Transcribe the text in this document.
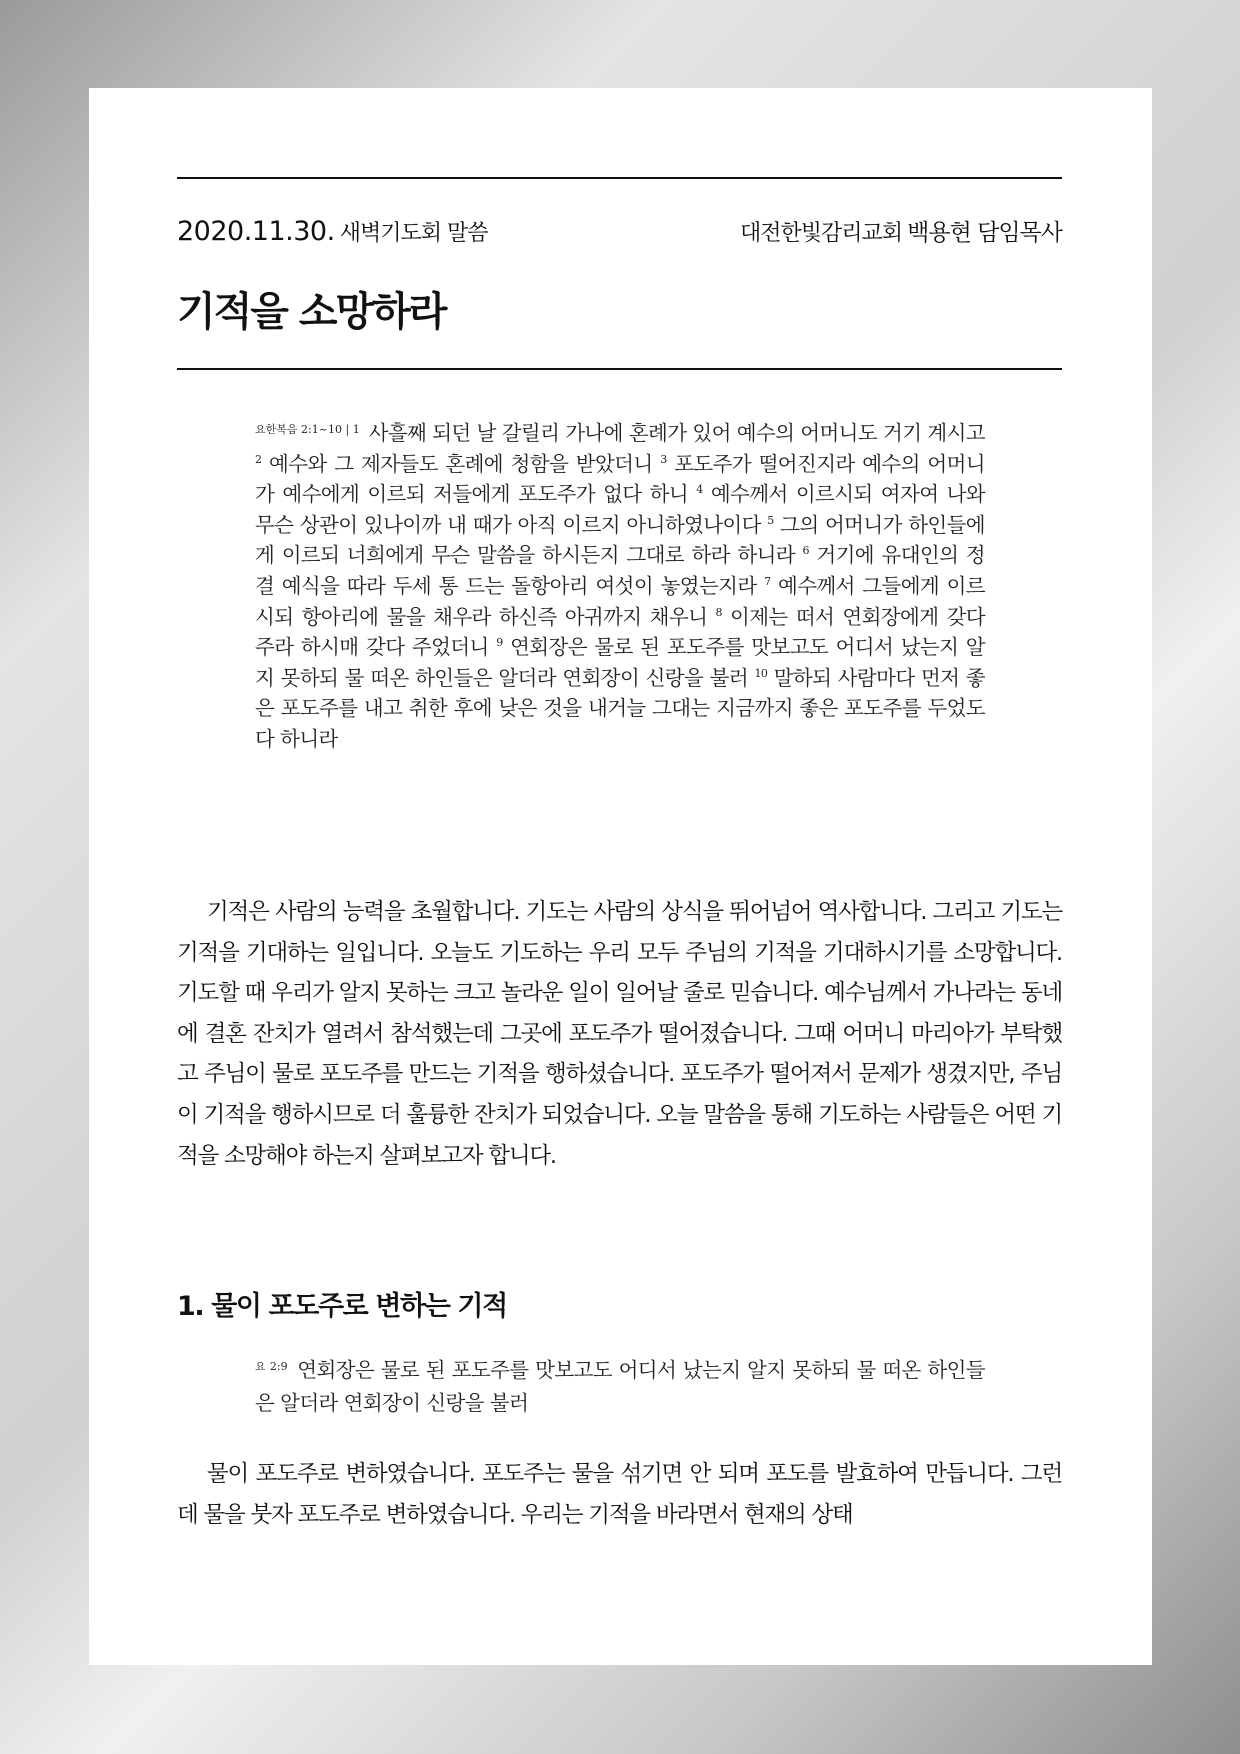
2020.11.30. 새벽기도회 말씀	대전한빛감리교회 백용현 담임목사
기적을 소망하라

$^{요한복음 2:1\sim 10 | 1}$ 사흘째 되던 날 갈릴리 가나에 혼례가 있어 예수의 어머니도 거기 계시고 $^2$ 예수와 그 제자들도 혼례에 청함을 받았더니 $^3$ 포도주가 떨어진지라 예수의 어머니가 예수에게 이르되 저들에게 포도주가 없다 하니 $^4$ 예수께서 이르시되 여자여 나와 무슨 상관이 있나이까 내 때가 아직 이르지 아니하였나이다 $^5$ 그의 어머니가 하인들에게 이르되 너희에게 무슨 말씀을 하시든지 그대로 하라 하니라 $^6$ 거기에 유대인의 정결 예식을 따라 두세 통 드는 돌항아리 여섯이 놓였는지라 $^7$ 예수께서 그들에게 이르시되 항아리에 물을 채우라 하신즉 아귀까지 채우니 $^8$ 이제는 떠서 연회장에게 갖다 주라 하시매 갖다 주었더니 $^9$ 연회장은 물로 된 포도주를 맛보고도 어디서 났는지 알지 못하되 물 떠온 하인들은 알더라 연회장이 신랑을 불러 $^{10}$ 말하되 사람마다 먼저 좋은 포도주를 내고 취한 후에 낮은 것을 내거늘 그대는 지금까지 좋은 포도주를 두었도다 하니라

기적은 사람의 능력을 초월합니다. 기도는 사람의 상식을 뛰어넘어 역사합니다. 그리고 기도는 기적을 기대하는 일입니다. 오늘도 기도하는 우리 모두 주님의 기적을 기대하시기를 소망합니다. 기도할 때 우리가 알지 못하는 크고 놀라운 일이 일어날 줄로 믿습니다. 예수님께서 가나라는 동네에 결혼 잔치가 열려서 참석했는데 그곳에 포도주가 떨어졌습니다. 그때 어머니 마리아가 부탁했고 주님이 물로 포도주를 만드는 기적을 행하셨습니다. 포도주가 떨어져서 문제가 생겼지만, 주님이 기적을 행하시므로 더 훌륭한 잔치가 되었습니다. 오늘 말씀을 통해 기도하는 사람들은 어떤 기적을 소망해야 하는지 살펴보고자 합니다.

1. 물이 포도주로 변하는 기적

$^{요 2:9}$ 연회장은 물로 된 포도주를 맛보고도 어디서 났는지 알지 못하되 물 떠온 하인들은 알더라 연회장이 신랑을 불러

물이 포도주로 변하였습니다. 포도주는 물을 섞기면 안 되며 포도를 발효하여 만듭니다. 그런데 물을 붓자 포도주로 변하였습니다. 우리는 기적을 바라면서 현재의 상태
